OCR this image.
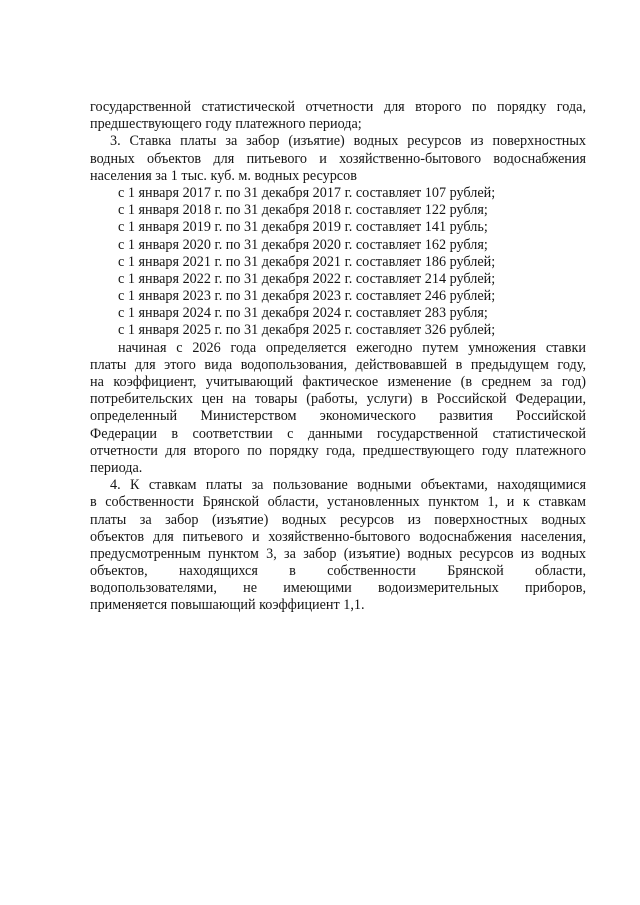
государственной статистической отчетности для второго по порядку года,
предшествующего году платежного периода;
3. Ставка платы за забор (изъятие) водных ресурсов из поверхностных
водных объектов для питьевого и хозяйственно-бытового водоснабжения
населения за 1 тыс. куб. м. водных ресурсов
с 1 января 2017 г. по 31 декабря 2017 г. составляет 107 рублей;
с 1 января 2018 г. по 31 декабря 2018 г. составляет 122 рубля;
с 1 января 2019 г. по 31 декабря 2019 г. составляет 141 рубль;
с 1 января 2020 г. по 31 декабря 2020 г. составляет 162 рубля;
с 1 января 2021 г. по 31 декабря 2021 г. составляет 186 рублей;
с 1 января 2022 г. по 31 декабря 2022 г. составляет 214 рублей;
с 1 января 2023 г. по 31 декабря 2023 г. составляет 246 рублей;
с 1 января 2024 г. по 31 декабря 2024 г. составляет 283 рубля;
с 1 января 2025 г. по 31 декабря 2025 г. составляет 326 рублей;
начиная с 2026 года определяется ежегодно путем умножения ставки
платы для этого вида водопользования, действовавшей в предыдущем году,
на коэффициент, учитывающий фактическое изменение (в среднем за год)
потребительских цен на товары (работы, услуги) в Российской Федерации,
определенный Министерством экономического развития Российской
Федерации в соответствии с данными государственной статистической
отчетности для второго по порядку года, предшествующего году платежного
периода.
4. К ставкам платы за пользование водными объектами, находящимися
в собственности Брянской области, установленных пунктом 1, и к ставкам
платы за забор (изъятие) водных ресурсов из поверхностных водных
объектов для питьевого и хозяйственно-бытового водоснабжения населения,
предусмотренным пунктом 3, за забор (изъятие) водных ресурсов из водных
объектов, находящихся в собственности Брянской области,
водопользователями, не имеющими водоизмерительных приборов,
применяется повышающий коэффициент 1,1.
